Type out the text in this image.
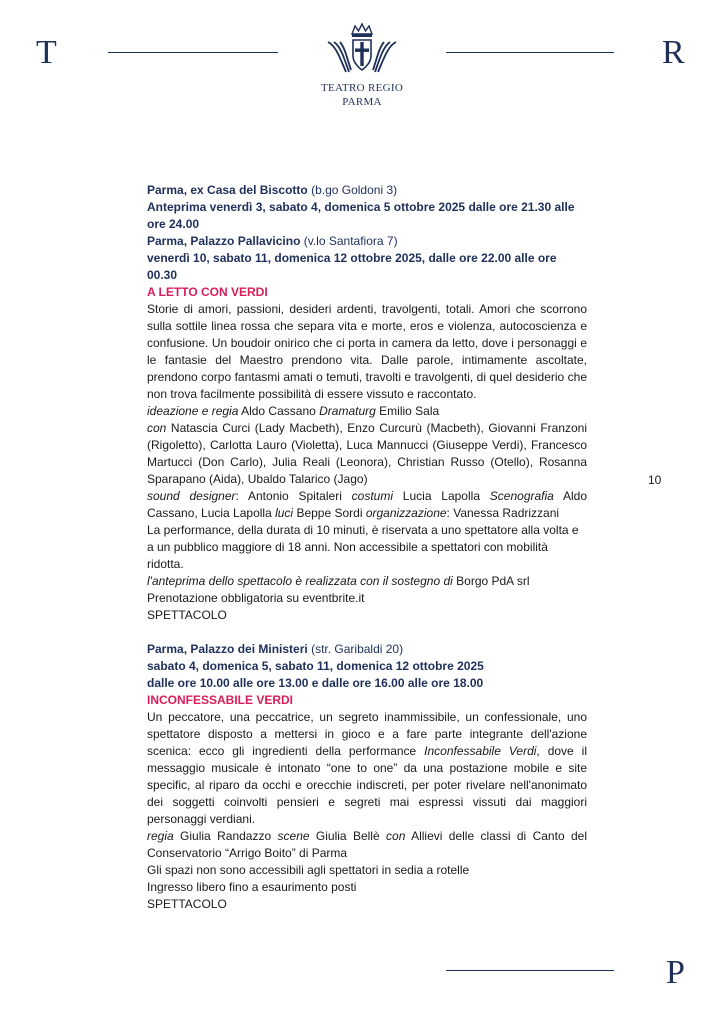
T
TEATRO REGIO
PARMA
R
10

Parma, ex Casa del Biscotto (b.go Goldoni 3)

Anteprima venerdì 3, sabato 4, domenica 5 ottobre 2025 dalle ore 21.30 alle ore 24.00

Parma, Palazzo Pallavicino (v.lo Santafiora 7)

venerdì 10, sabato 11, domenica 12 ottobre 2025, dalle ore 22.00 alle ore 00.30

A LETTO CON VERDI

Storie di amori, passioni, desideri ardenti, travolgenti, totali. Amori che scorrono sulla sottile linea rossa che separa vita e morte, eros e violenza, autocoscienza e confusione. Un boudoir onirico che ci porta in camera da letto, dove i personaggi e le fantasie del Maestro prendono vita. Dalle parole, intimamente ascoltate, prendono corpo fantasmi amati o temuti, travolti e travolgenti, di quel desiderio che non trova facilmente possibilità di essere vissuto e raccontato.

ideazione e regia Aldo Cassano Dramaturg Emilio Sala

con Natascia Curci (Lady Macbeth), Enzo Curcurù (Macbeth), Giovanni Franzoni (Rigoletto), Carlotta Lauro (Violetta), Luca Mannucci (Giuseppe Verdi), Francesco Martucci (Don Carlo), Julia Reali (Leonora), Christian Russo (Otello), Rosanna Sparapano (Aida), Ubaldo Talarico (Jago)

sound designer: Antonio Spitaleri costumi Lucia Lapolla Scenografia Aldo Cassano, Lucia Lapolla luci Beppe Sordi organizzazione: Vanessa Radrizzani

La performance, della durata di 10 minuti, è riservata a uno spettatore alla volta e a un pubblico maggiore di 18 anni. Non accessibile a spettatori con mobilità ridotta.

l'anteprima dello spettacolo è realizzata con il sostegno di Borgo PdA srl

Prenotazione obbligatoria su eventbrite.it

SPETTACOLO

Parma, Palazzo dei Ministeri (str. Garibaldi 20)

sabato 4, domenica 5, sabato 11, domenica 12 ottobre 2025

dalle ore 10.00 alle ore 13.00 e dalle ore 16.00 alle ore 18.00

INCONFESSABILE VERDI

Un peccatore, una peccatrice, un segreto inammissibile, un confessionale, uno spettatore disposto a mettersi in gioco e a fare parte integrante dell'azione scenica: ecco gli ingredienti della performance Inconfessabile Verdi, dove il messaggio musicale è intonato “one to one” da una postazione mobile e site specific, al riparo da occhi e orecchie indiscreti, per poter rivelare nell'anonimato dei soggetti coinvolti pensieri e segreti mai espressi vissuti dai maggiori personaggi verdiani.

regia Giulia Randazzo scene Giulia Bellè con Allievi delle classi di Canto del Conservatorio “Arrigo Boito” di Parma

Gli spazi non sono accessibili agli spettatori in sedia a rotelle

Ingresso libero fino a esaurimento posti

SPETTACOLO

P
